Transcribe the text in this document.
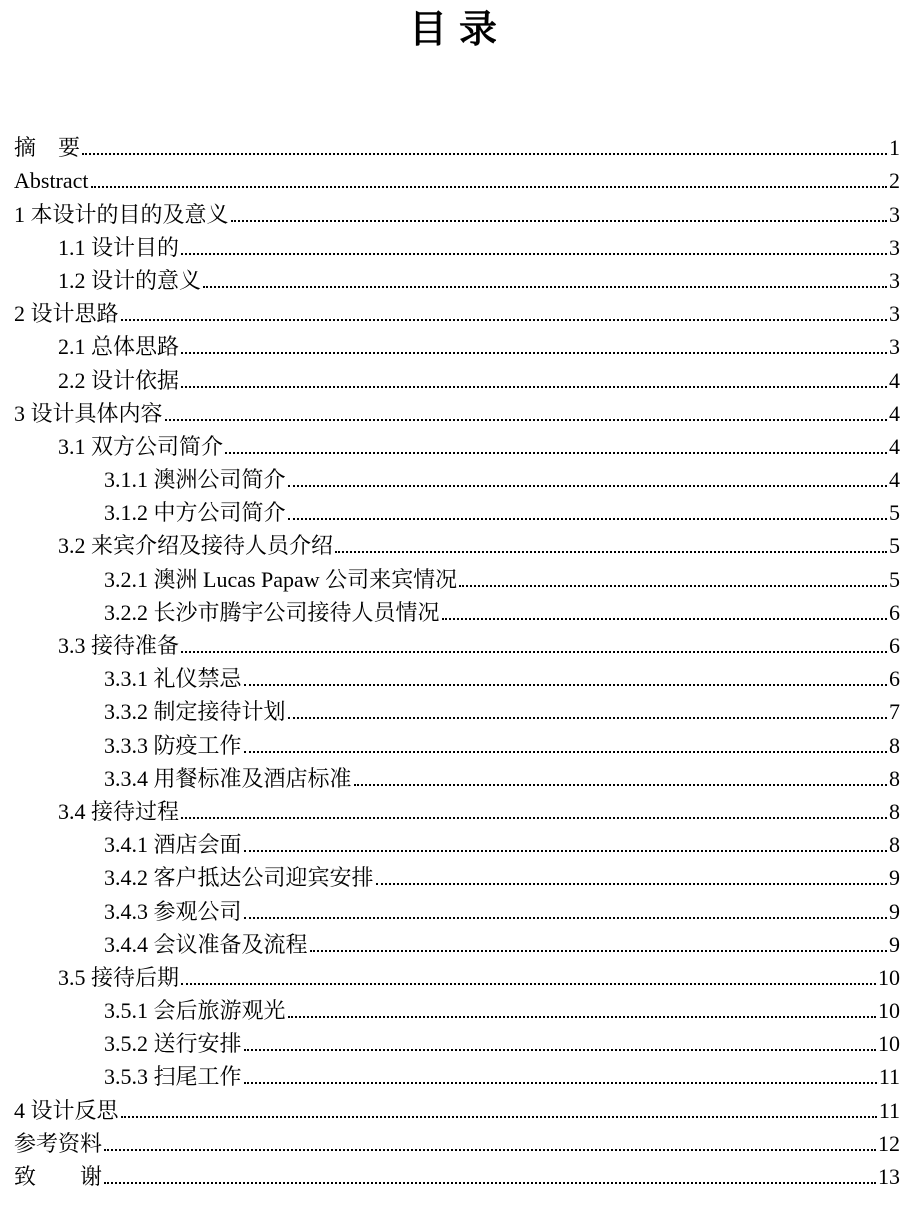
目录
摘　要	1
Abstract	2
1 本设计的目的及意义	3
1.1 设计目的	3
1.2 设计的意义	3
2 设计思路	3
2.1 总体思路	3
2.2 设计依据	4
3 设计具体内容	4
3.1 双方公司简介	4
3.1.1 澳洲公司简介	4
3.1.2 中方公司简介	5
3.2 来宾介绍及接待人员介绍	5
3.2.1 澳洲 Lucas Papaw 公司来宾情况	5
3.2.2 长沙市腾宇公司接待人员情况	6
3.3 接待准备	6
3.3.1 礼仪禁忌	6
3.3.2 制定接待计划	7
3.3.3 防疫工作	8
3.3.4 用餐标准及酒店标准	8
3.4 接待过程	8
3.4.1 酒店会面	8
3.4.2 客户抵达公司迎宾安排	9
3.4.3 参观公司	9
3.4.4 会议准备及流程	9
3.5 接待后期	10
3.5.1 会后旅游观光	10
3.5.2 送行安排	10
3.5.3 扫尾工作	11
4 设计反思	11
参考资料	12
致　　谢	13
